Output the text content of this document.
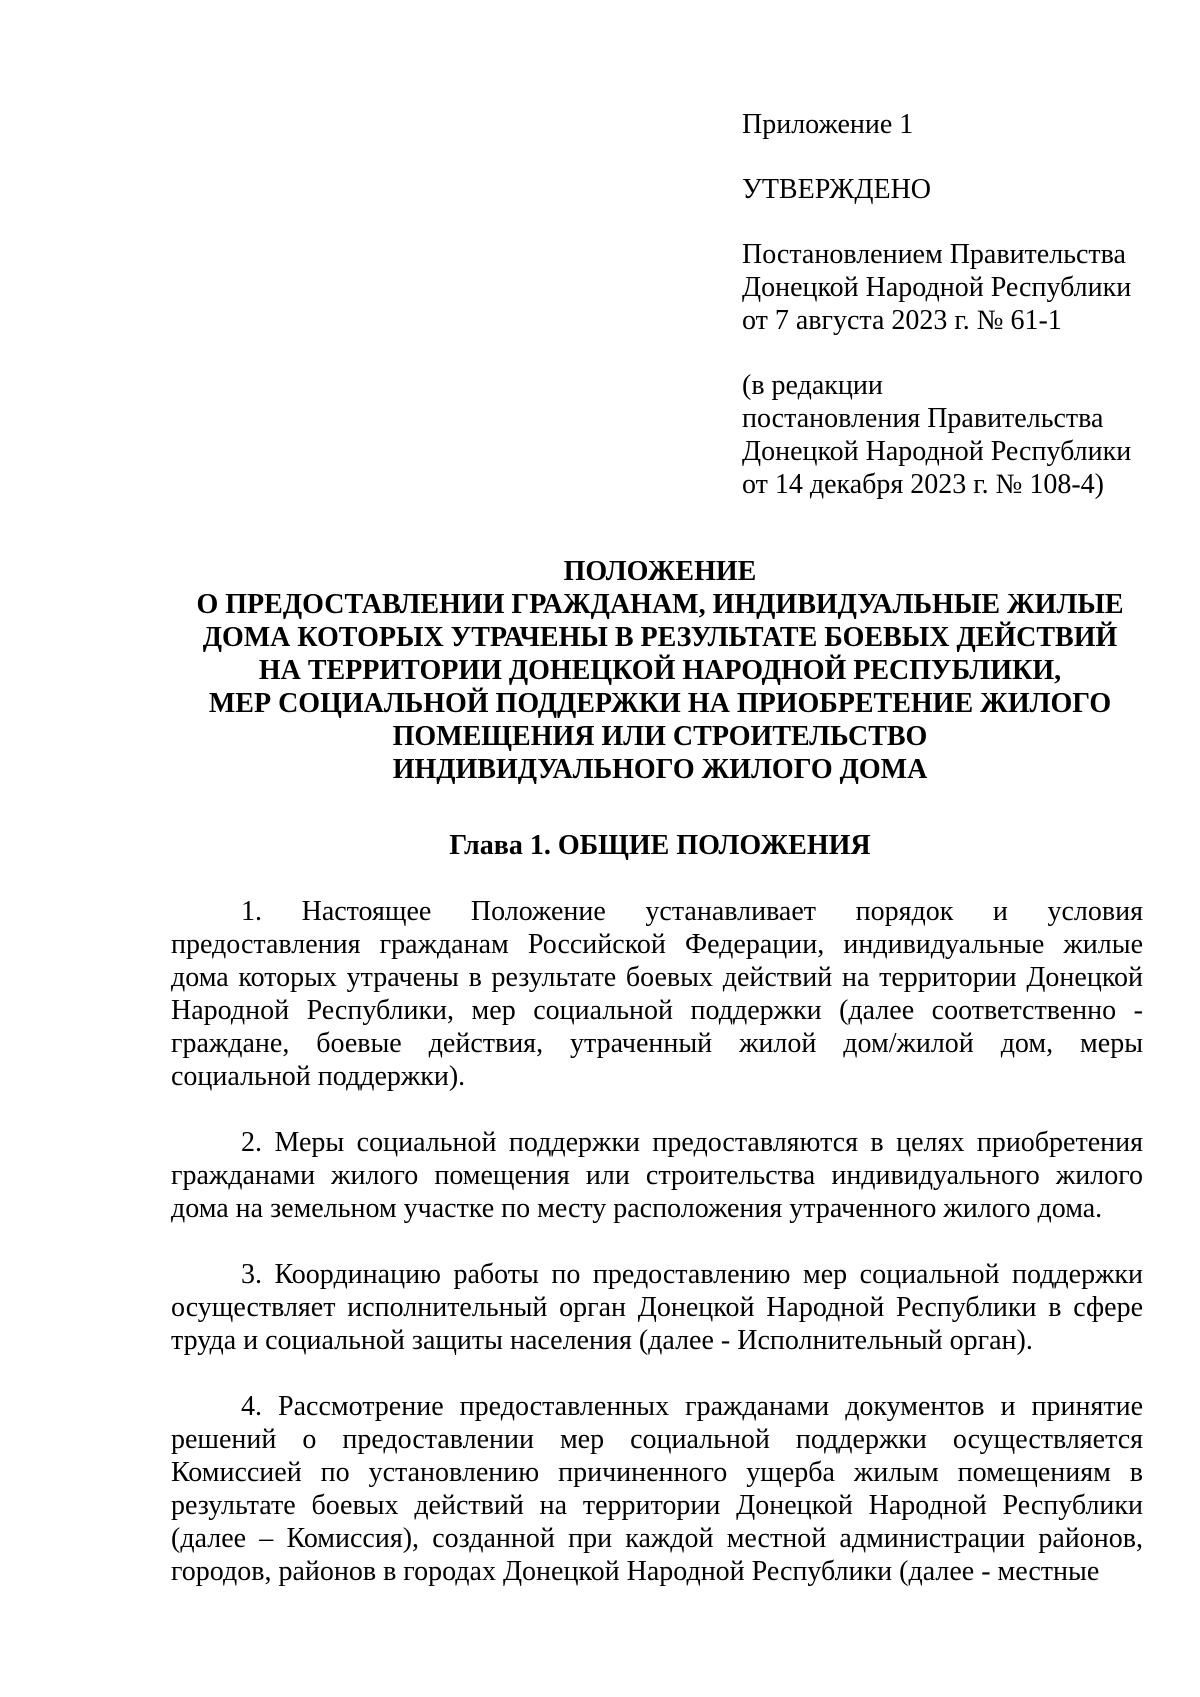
Приложение 1
УТВЕРЖДЕНО
Постановлением Правительства
Донецкой Народной Республики
от 7 августа 2023 г. № 61-1
(в редакции
постановления Правительства
Донецкой Народной Республики
от 14 декабря 2023 г. № 108-4)
ПОЛОЖЕНИЕ
О ПРЕДОСТАВЛЕНИИ ГРАЖДАНАМ, ИНДИВИДУАЛЬНЫЕ ЖИЛЫЕ
ДОМА КОТОРЫХ УТРАЧЕНЫ В РЕЗУЛЬТАТЕ БОЕВЫХ ДЕЙСТВИЙ
НА ТЕРРИТОРИИ ДОНЕЦКОЙ НАРОДНОЙ РЕСПУБЛИКИ,
МЕР СОЦИАЛЬНОЙ ПОДДЕРЖКИ НА ПРИОБРЕТЕНИЕ ЖИЛОГО
ПОМЕЩЕНИЯ ИЛИ СТРОИТЕЛЬСТВО
ИНДИВИДУАЛЬНОГО ЖИЛОГО ДОМА
Глава 1. ОБЩИЕ ПОЛОЖЕНИЯ

1. Настоящее Положение устанавливает порядок и условия предоставления гражданам Российской Федерации, индивидуальные жилые дома которых утрачены в результате боевых действий на территории Донецкой Народной Республики, мер социальной поддержки (далее соответственно - граждане, боевые действия, утраченный жилой дом/жилой дом, меры социальной поддержки).

2. Меры социальной поддержки предоставляются в целях приобретения гражданами жилого помещения или строительства индивидуального жилого дома на земельном участке по месту расположения утраченного жилого дома.

3. Координацию работы по предоставлению мер социальной поддержки осуществляет исполнительный орган Донецкой Народной Республики в сфере труда и социальной защиты населения (далее - Исполнительный орган).

4. Рассмотрение предоставленных гражданами документов и принятие решений о предоставлении мер социальной поддержки осуществляется Комиссией по установлению причиненного ущерба жилым помещениям в результате боевых действий на территории Донецкой Народной Республики (далее – Комиссия), созданной при каждой местной администрации районов, городов, районов в городах Донецкой Народной Республики (далее - местные
